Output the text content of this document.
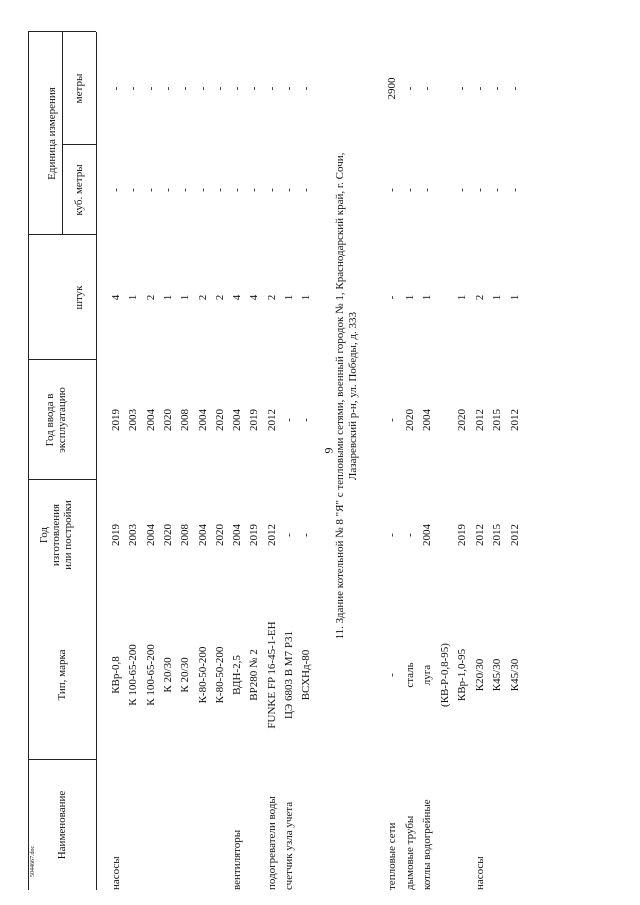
9
5044667.doc
Наименование
Тип, марка
Год изготовления или постройки
Год ввода в эксплуатацию
Единица измерения
штук
куб. метры
метры
насосы
КВр-0,8
2019
2019
4
-
-
К 100-65-200
2003
2003
1
-
-
К 100-65-200
2004
2004
2
-
-
К 20/30
2020
2020
1
-
-
К 20/30
2008
2008
1
-
-
К-80-50-200
2004
2004
2
-
-
К-80-50-200
2020
2020
2
-
-
вентиляторы
ВДН-2,5
2004
2004
4
-
-
ВР280 № 2
2019
2019
4
-
-
подогреватели воды
FUNKE FP 16-45-1-EH
2012
2012
2
-
-
счетчик узла учета
ЦЭ 6803 В М7 Р31
-
-
1
-
-
ВСХНд-80
-
-
1
-
-
11. Здание котельной № 8 "Я" с тепловыми сетями, военный городок № 1, Краснодарский край, г. Сочи, Лазаревский р-н, ул. Победы, д. 333
тепловые сети
-
-
-
-
-
2900
дымовые трубы
сталь
-
2020
1
-
-
котлы водогрейные
луга
2004
2004
1
-
-
(КВ-Р-0,8-95) КВр-1,0-95
2019
2020
1
-
-
насосы
К20/30
2012
2012
2
-
-
К45/30
2015
2015
1
-
-
К45/30
2012
2012
1
-
-
